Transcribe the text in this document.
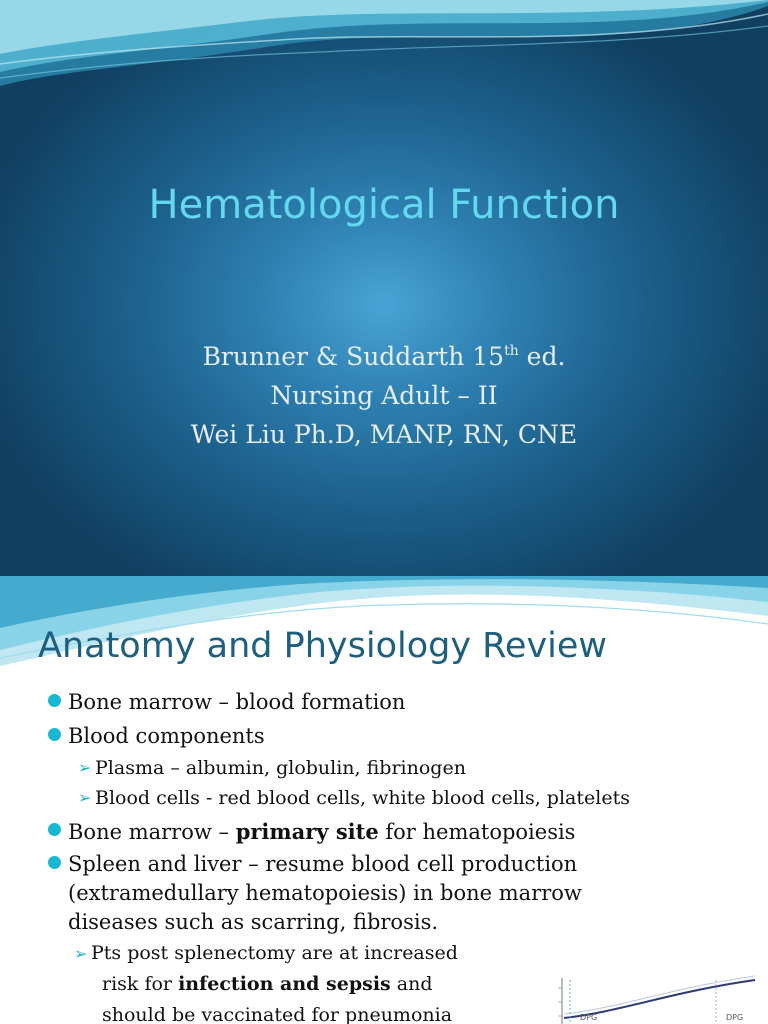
Hematological Function
Brunner & Suddarth 15th ed.
Nursing Adult – II
Wei Liu Ph.D, MANP, RN, CNE
Anatomy and Physiology Review
Bone marrow – blood formation
Blood components
➢ Plasma – albumin, globulin, fibrinogen
➢ Blood cells - red blood cells, white blood cells, platelets
Bone marrow – primary site for hematopoiesis
Spleen and liver – resume blood cell production
(extramedullary hematopoiesis) in bone marrow
diseases such as scarring, fibrosis.
➢ Pts post splenectomy are at increased
risk for infection and sepsis and
should be vaccinated for pneumonia	DPG	DPG
